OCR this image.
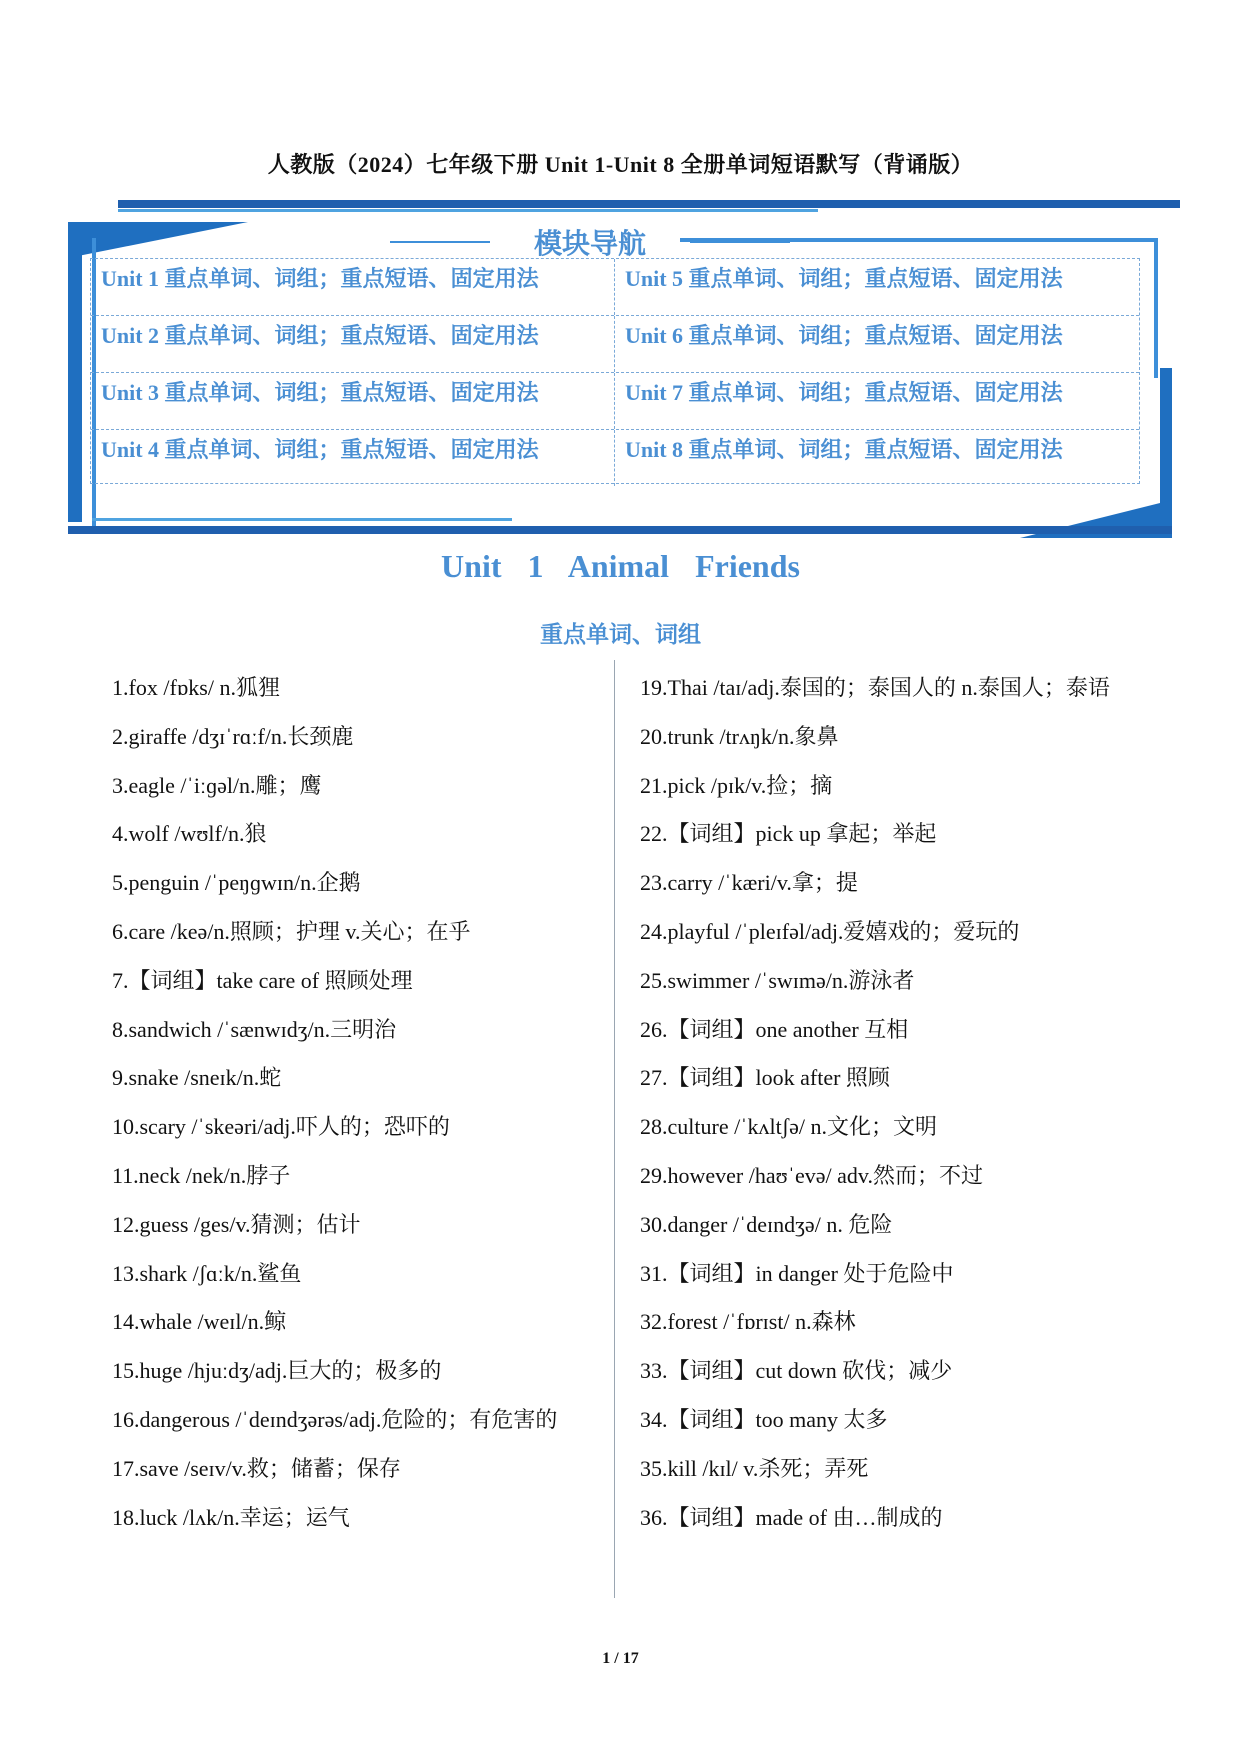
人教版（2024）七年级下册 Unit 1-Unit 8 全册单词短语默写（背诵版）
模块导航
Unit 1 重点单词、词组；重点短语、固定用法	Unit 5 重点单词、词组；重点短语、固定用法
Unit 2 重点单词、词组；重点短语、固定用法	Unit 6 重点单词、词组；重点短语、固定用法
Unit 3 重点单词、词组；重点短语、固定用法	Unit 7 重点单词、词组；重点短语、固定用法
Unit 4 重点单词、词组；重点短语、固定用法	Unit 8 重点单词、词组；重点短语、固定用法
Unit 1 Animal Friends
重点单词、词组
1.fox /fɒks/ n.狐狸
2.giraffe /dʒɪˈrɑːf/n.长颈鹿
3.eagle /ˈiːɡəl/n.雕；鹰
4.wolf /wʊlf/n.狼
5.penguin /ˈpeŋɡwɪn/n.企鹅
6.care /keə/n.照顾；护理 v.关心；在乎
7.【词组】take care of 照顾处理
8.sandwich /ˈsænwɪdʒ/n.三明治
9.snake /sneɪk/n.蛇
10.scary /ˈskeəri/adj.吓人的；恐吓的
11.neck /nek/n.脖子
12.guess /ges/v.猜测；估计
13.shark /ʃɑːk/n.鲨鱼
14.whale /weɪl/n.鲸
15.huge /hjuːdʒ/adj.巨大的；极多的
16.dangerous /ˈdeɪndʒərəs/adj.危险的；有危害的
17.save /seɪv/v.救；储蓄；保存
18.luck /lʌk/n.幸运；运气
19.Thai /taɪ/adj.泰国的；泰国人的 n.泰国人；泰语
20.trunk /trʌŋk/n.象鼻
21.pick /pɪk/v.捡；摘
22.【词组】pick up 拿起；举起
23.carry /ˈkæri/v.拿；提
24.playful /ˈpleɪfəl/adj.爱嬉戏的；爱玩的
25.swimmer /ˈswɪmə/n.游泳者
26.【词组】one another 互相
27.【词组】look after 照顾
28.culture /ˈkʌltʃə/ n.文化；文明
29.however /haʊˈevə/ adv.然而；不过
30.danger /ˈdeɪndʒə/ n. 危险
31.【词组】in danger 处于危险中
32.forest /ˈfɒrɪst/ n.森林
33.【词组】cut down 砍伐；减少
34.【词组】too many 太多
35.kill /kɪl/ v.杀死；弄死
36.【词组】made of 由…制成的
1 / 17
